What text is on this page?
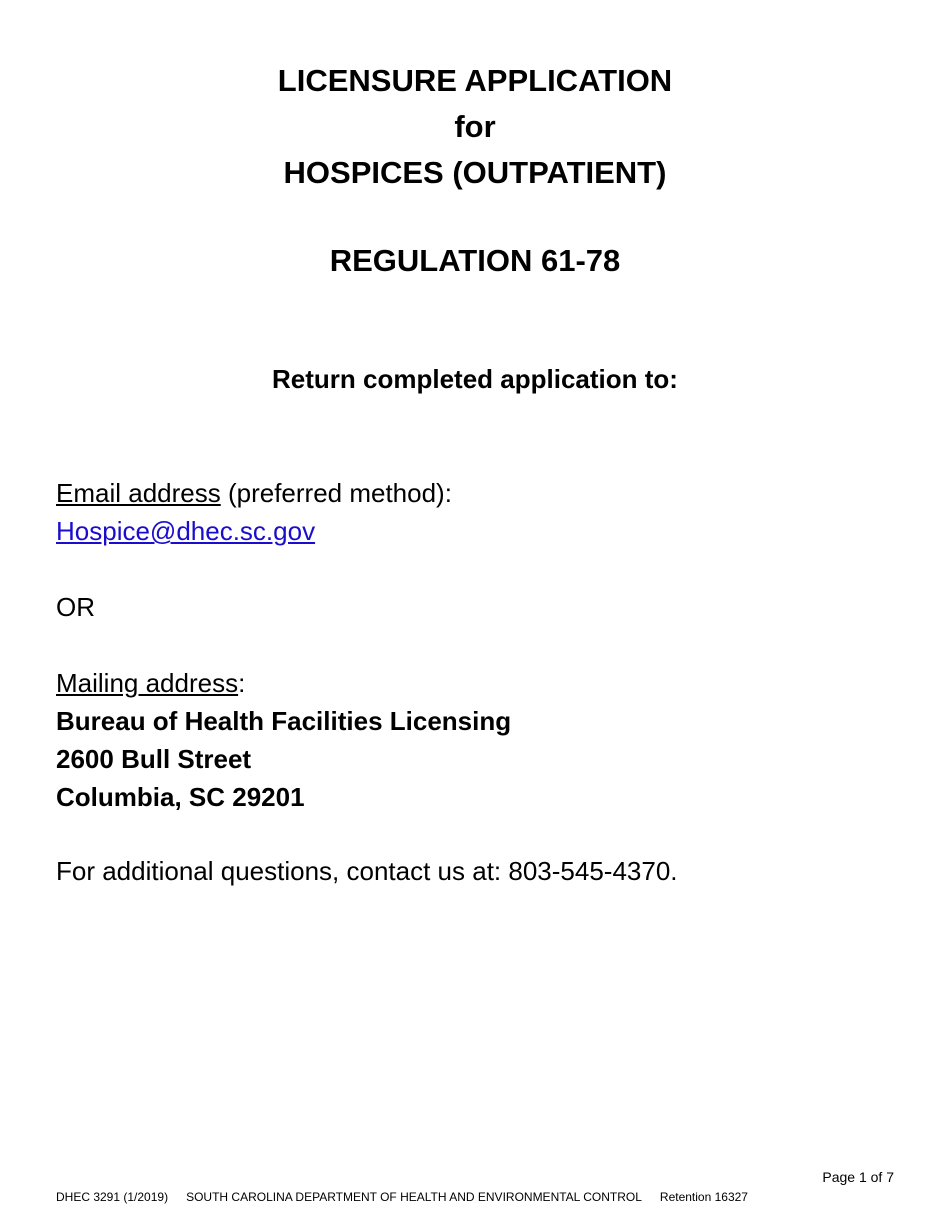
LICENSURE APPLICATION
for
HOSPICES (OUTPATIENT)
REGULATION 61-78
Return completed application to:
Email address (preferred method):
Hospice@dhec.sc.gov
OR
Mailing address:
Bureau of Health Facilities Licensing
2600 Bull Street
Columbia, SC 29201
For additional questions, contact us at: 803-545-4370.
Page 1 of 7
DHEC 3291 (1/2019) SOUTH CAROLINA DEPARTMENT OF HEALTH AND ENVIRONMENTAL CONTROL Retention 16327
